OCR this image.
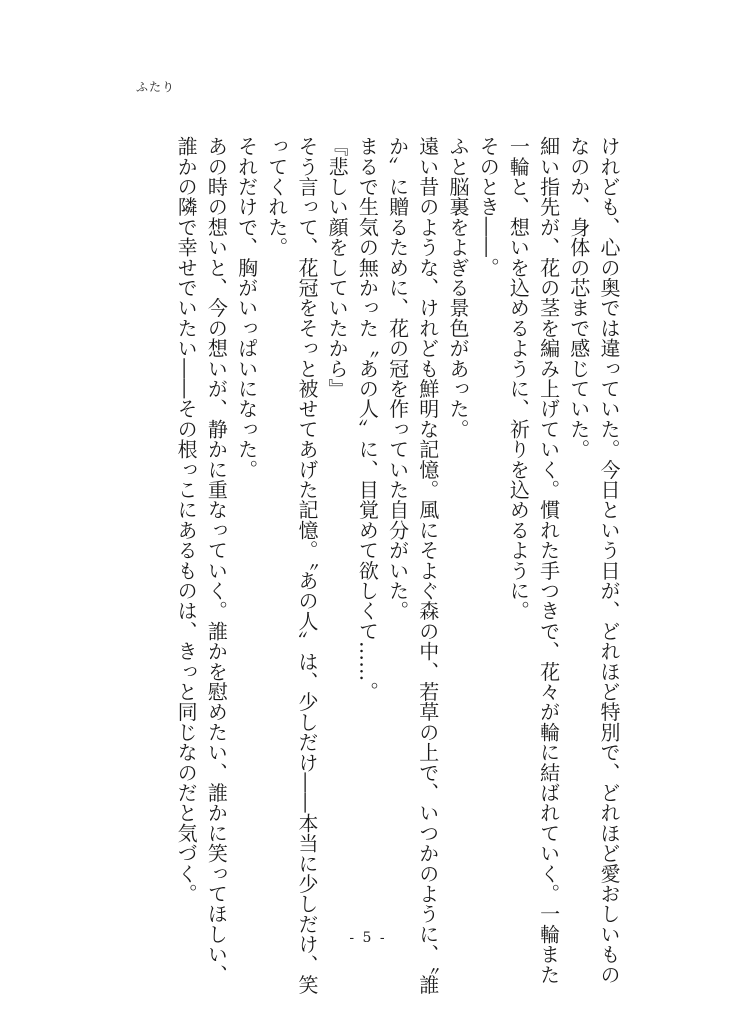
ふたり

けれども、心の奥では違っていた。今日という日が、どれほど特別で、どれほど愛おしいもの

なのか、身体の芯まで感じていた。

細い指先が、花の茎を編み上げていく。慣れた手つきで、花々が輪に結ばれていく。一輪また

一輪と、想いを込めるように、祈りを込めるように。

そのとき――。

ふと脳裏をよぎる景色があった。

遠い昔のような、けれども鮮明な記憶。風にそよぐ森の中、若草の上で、いつかのように、〝誰

か〟に贈るために、花の冠を作っていた自分がいた。

まるで生気の無かった〝あの人〟に、目覚めて欲しくて……。

『悲しい顔をしていたから』

そう言って、花冠をそっと被せてあげた記憶。〝あの人〟は、少しだけ――本当に少しだけ、笑

ってくれた。

それだけで、胸がいっぱいになった。

あの時の想いと、今の想いが、静かに重なっていく。誰かを慰めたい、誰かに笑ってほしい、

誰かの隣で幸せでいたい――その根っこにあるものは、きっと同じなのだと気づく。

- 5 -
